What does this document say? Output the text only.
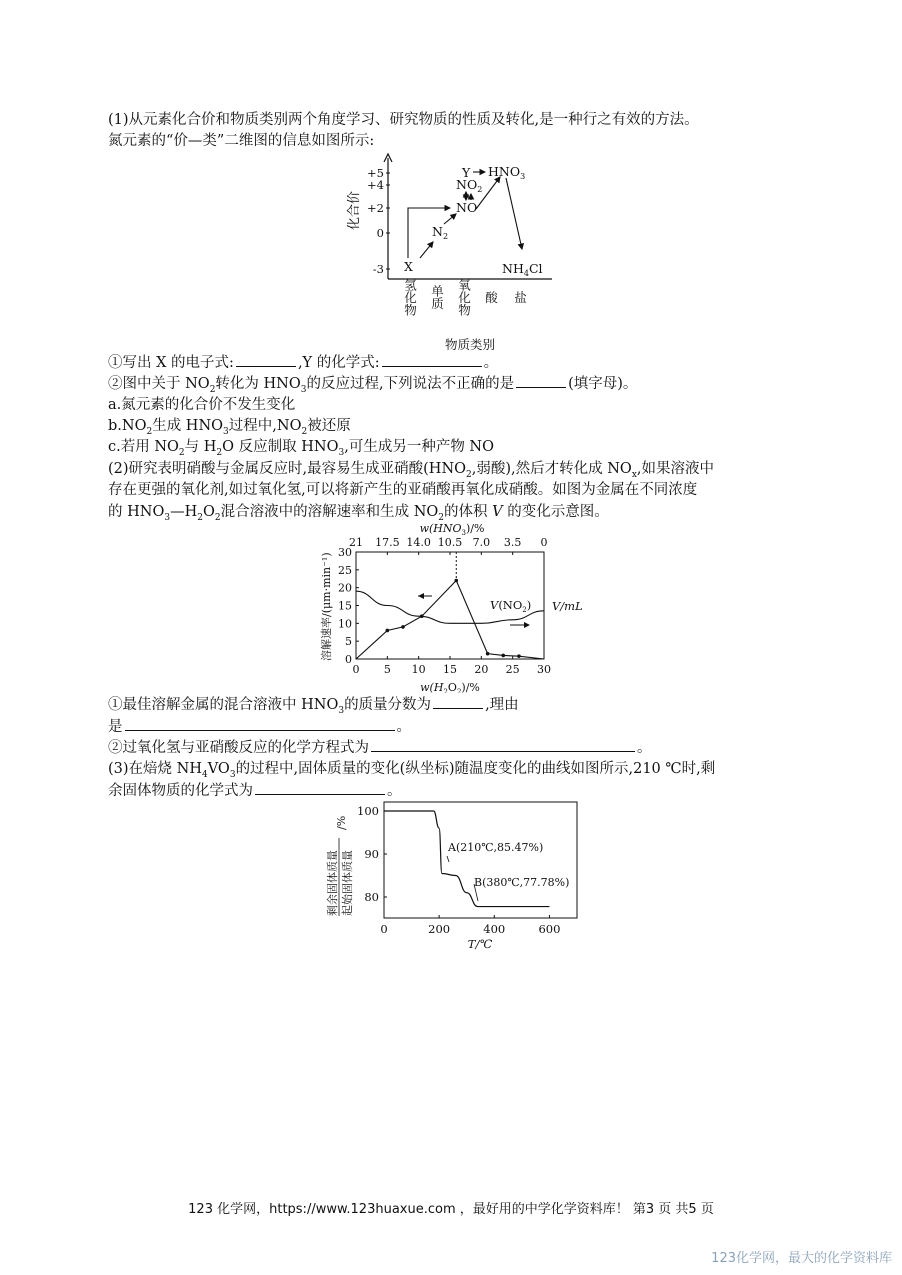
(1)从元素化合价和物质类别两个角度学习、研究物质的性质及转化,是一种行之有效的方法。
氮元素的“价—类”二维图的信息如图所示:
化合价
+5
+4
+2
0
-3
氢化物 单质 氧化物 酸 盐
物质类别
X
$N_2$
NO
$NO_2$
Y $HNO_3$
$NH_4Cl$
①写出 X 的电子式:	,Y 的化学式:	。
②图中关于 $NO_2$转化为 $HNO_3$的反应过程,下列说法不正确的是	(填字母)。
a.氮元素的化合价不发生变化
$b.NO_2$生成 $HNO_3$过程中$,NO_2$被还原
c.若用 $NO_2$与 $H_2O$ 反应制取 $HNO_3$,可生成另一种产物 NO
(2)研究表明硝酸与金属反应时,最容易生成亚硝酸($HNO_2$,弱酸),然后才转化成 $NO_x$,如果溶液中
存在更强的氧化剂,如过氧化氢,可以将新产生的亚硝酸再氧化成硝酸。如图为金属在不同浓度
的 $HNO_3—H_2O_2$混合溶液中的溶解速率和生成 $NO_2$的体积 V 的变化示意图。
$w(HNO_3)/\%$
21 17.5 14.0 10.5 7.0 3.5 0
0 5 10 15 20 25 30
0
5
10
15
20
25
30
溶解速率/(μm·min⁻¹)	V/mL
$V(NO_2)$
$w(H_2O_2)/\%$
①最佳溶解金属的混合溶液中 $HNO_3$的质量分数为	,理由
是	。
②过氧化氢与亚硝酸反应的化学方程式为	。
(3)在焙烧 $NH_4VO_3$的过程中,固体质量的变化(纵坐标)随温度变化的曲线如图所示,210 ℃时,剩
余固体物质的化学式为	。
剩余固体质量 起始固体质量
/%
100
90
80
0	200	400	600
T/℃
A(210℃,85.47%)
B(380℃,77.78%)
123 化学网，https://www.123huaxue.com ，最好用的中学化学资料库！ 第3 页 共5 页
123化学网，最大的化学资料库
